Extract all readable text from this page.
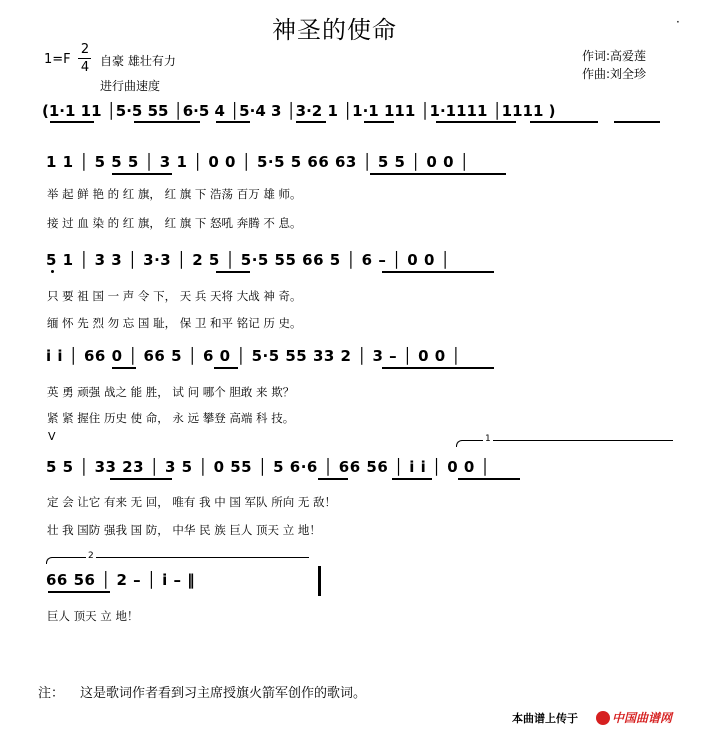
神圣的使命	·
1=F
2
4 自豪 雄壮有力
进行曲速度
作词:高爱莲
作曲:刘全珍
(1·1 11 │5·5 55 │6·5 4 │5·4 3 │3·2 1 │1·1 111 │1·1111 │1111 )
1 1 │ 5 5 5 │ 3 1 │ 0 0 │ 5·5 5 66 63 │ 5 5 │ 0 0 │
举 起 鲜 艳 的 红 旗， 红 旗 下 浩荡 百万 雄 师。
接 过 血 染 的 红 旗， 红 旗 下 怒吼 奔腾 不 息。
5 1 │ 3 3 │ 3·3 │ 2 5 │ 5·5 55 66 5 │ 6 – │ 0 0 │
只 要 祖 国 一 声 令 下， 天 兵 天将 大战 神 奇。
缅 怀 先 烈 勿 忘 国 耻， 保 卫 和平 铭记 历 史。
i i │ 66 0 │ 66 5 │ 6 0 │ 5·5 55 33 2 │ 3 – │ 0 0 │
英 勇 顽强 战之 能 胜， 试 问 哪个 胆敢 来 欺？
紧 紧 握住 历史 使 命， 永 远 攀登 高端 科 技。
V	1
5 5 │ 33 23 │ 3 5 │ 0 55 │ 5 6·6 │ 66 56 │ i i │ 0 0 │
定 会 让它 有来 无 回， 唯有 我 中 国 军队 所向 无 敌！
壮 我 国防 强我 国 防， 中华 民 族 巨人 顶天 立 地！
2
66 56 │ 2 – │ i – ‖
巨人 顶天 立 地！
注： 这是歌词作者看到习主席授旗火箭军创作的歌词。
本曲谱上传于	中国曲谱网
